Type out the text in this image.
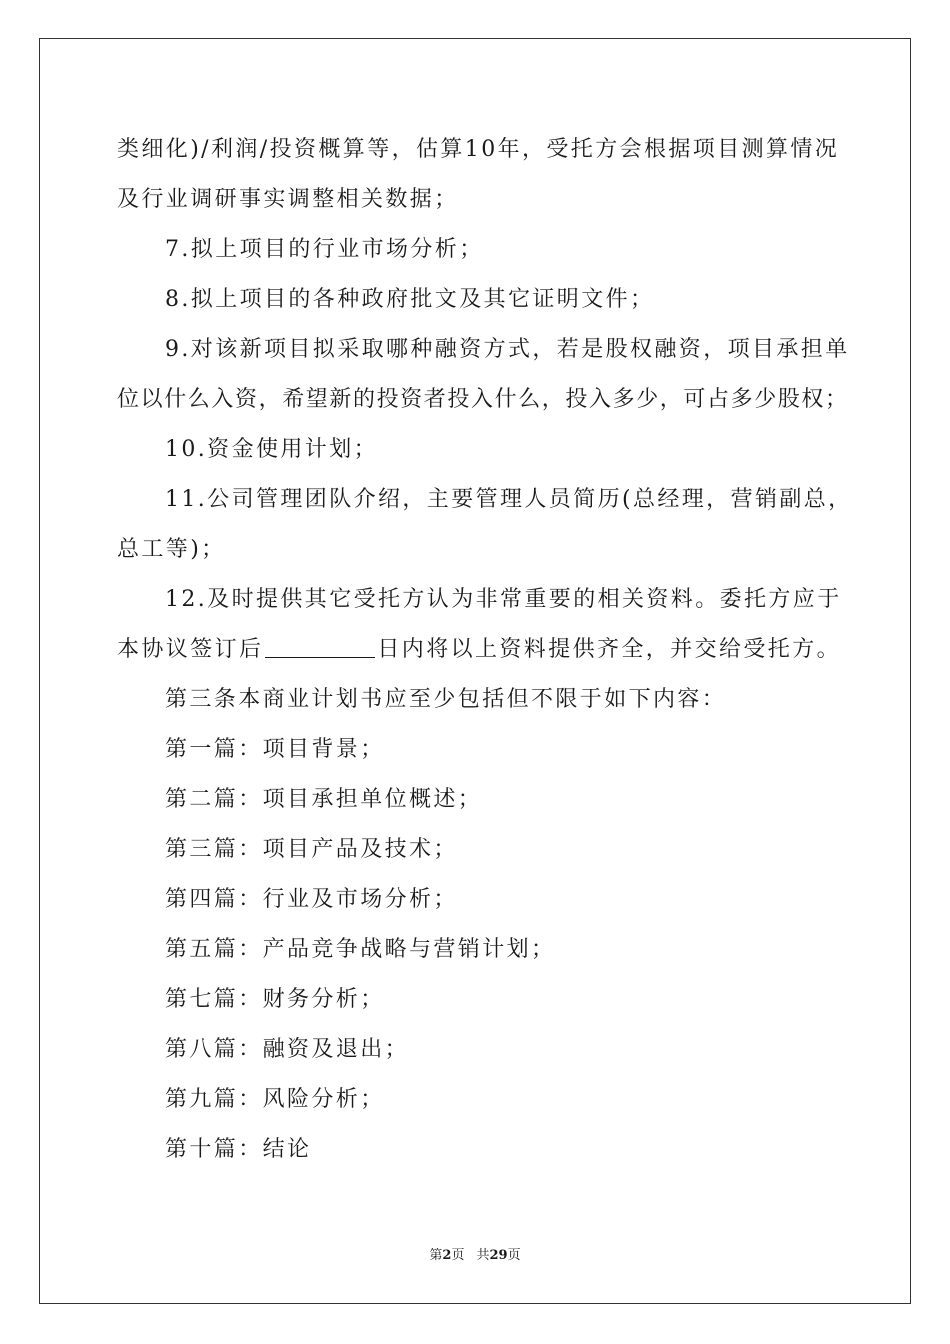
类细化)/利润/投资概算等，估算10年，受托方会根据项目测算情况
及行业调研事实调整相关数据；
7.拟上项目的行业市场分析；
8.拟上项目的各种政府批文及其它证明文件；
9.对该新项目拟采取哪种融资方式，若是股权融资，项目承担单
位以什么入资，希望新的投资者投入什么，投入多少，可占多少股权；
10.资金使用计划；
11.公司管理团队介绍，主要管理人员简历(总经理，营销副总，
总工等)；
12.及时提供其它受托方认为非常重要的相关资料。委托方应于
本协议签订后	日内将以上资料提供齐全，并交给受托方。
第三条本商业计划书应至少包括但不限于如下内容：
第一篇：项目背景；
第二篇：项目承担单位概述；
第三篇：项目产品及技术；
第四篇：行业及市场分析；
第五篇：产品竞争战略与营销计划；
第七篇：财务分析；
第八篇：融资及退出；
第九篇：风险分析；
第十篇：结论
第2页 共29页
